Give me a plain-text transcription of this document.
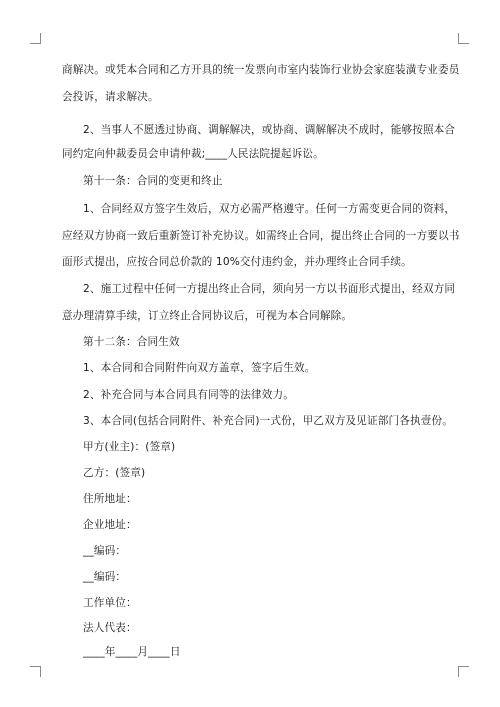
商解决。或凭本合同和乙方开具的统一发票向市室内装饰行业协会家庭装潢专业委员
会投诉，请求解决。
2、当事人不愿透过协商、调解解决，或协商、调解解决不成时，能够按照本合
同约定向仲裁委员会申请仲裁;____人民法院提起诉讼。
第十一条：合同的变更和终止
1、合同经双方签字生效后，双方必需严格遵守。任何一方需变更合同的资料，
应经双方协商一致后重新签订补充协议。如需终止合同，提出终止合同的一方要以书
面形式提出，应按合同总价款的 10%交付违约金，并办理终止合同手续。
2、施工过程中任何一方提出终止合同，须向另一方以书面形式提出，经双方同
意办理清算手续，订立终止合同协议后，可视为本合同解除。
第十二条：合同生效
1、本合同和合同附件向双方盖章，签字后生效。
2、补充合同与本合同具有同等的法律效力。
3、本合同(包括合同附件、补充合同)一式份，甲乙双方及见证部门各执壹份。
甲方(业主)：(签章)
乙方：(签章)
住所地址：
企业地址：
__编码：
__编码：
工作单位：
法人代表：
____年____月____日
